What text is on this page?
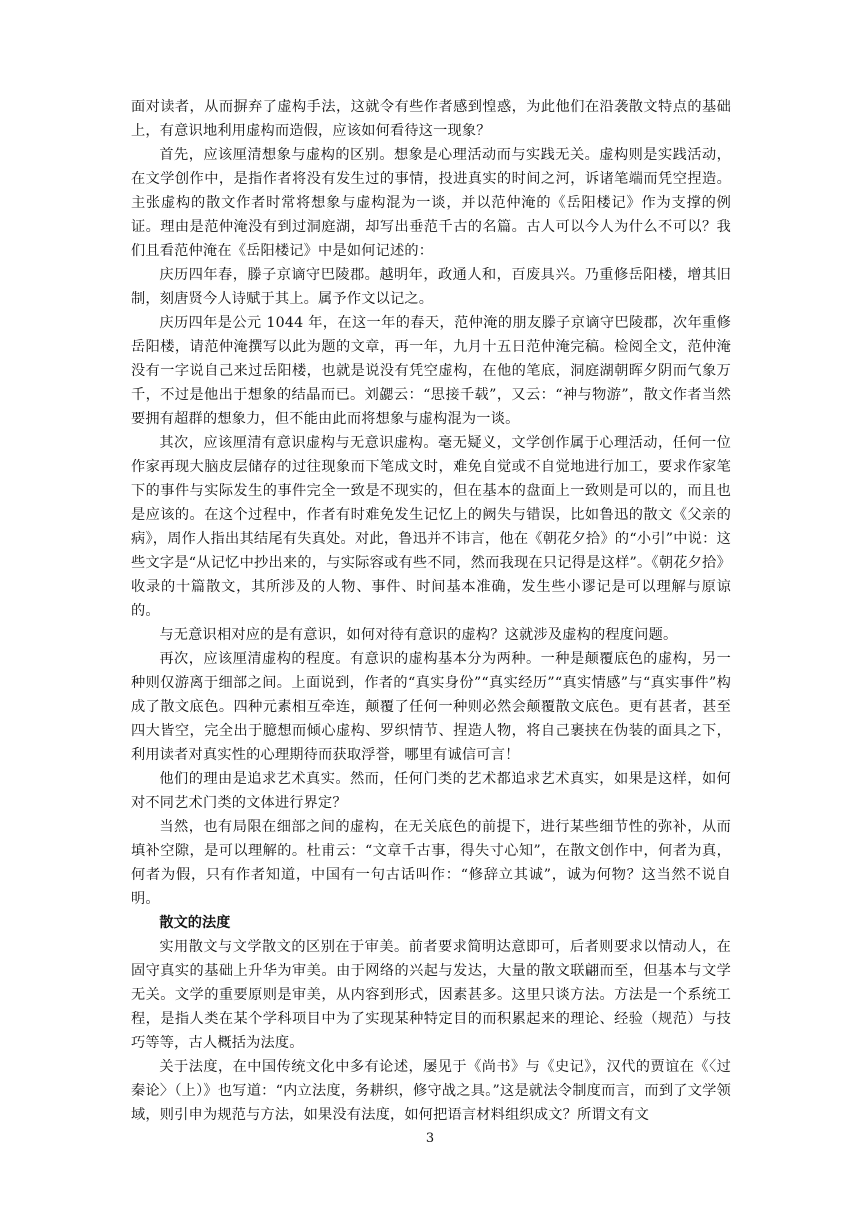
面对读者，从而摒弃了虚构手法，这就令有些作者感到惶惑，为此他们在沿袭散文特点的基础上，有意识地利用虚构而造假，应该如何看待这一现象？

首先，应该厘清想象与虚构的区别。想象是心理活动而与实践无关。虚构则是实践活动，在文学创作中，是指作者将没有发生过的事情，投进真实的时间之河，诉诸笔端而凭空捏造。主张虚构的散文作者时常将想象与虚构混为一谈，并以范仲淹的《岳阳楼记》作为支撑的例证。理由是范仲淹没有到过洞庭湖，却写出垂范千古的名篇。古人可以今人为什么不可以？我们且看范仲淹在《岳阳楼记》中是如何记述的：

庆历四年春，滕子京谪守巴陵郡。越明年，政通人和，百废具兴。乃重修岳阳楼，增其旧制，刻唐贤今人诗赋于其上。属予作文以记之。

庆历四年是公元 1044 年，在这一年的春天，范仲淹的朋友滕子京谪守巴陵郡，次年重修岳阳楼，请范仲淹撰写以此为题的文章，再一年，九月十五日范仲淹完稿。检阅全文，范仲淹没有一字说自己来过岳阳楼，也就是说没有凭空虚构，在他的笔底，洞庭湖朝晖夕阴而气象万千，不过是他出于想象的结晶而已。刘勰云：“思接千载”，又云：“神与物游”，散文作者当然要拥有超群的想象力，但不能由此而将想象与虚构混为一谈。

其次，应该厘清有意识虚构与无意识虚构。毫无疑义，文学创作属于心理活动，任何一位作家再现大脑皮层储存的过往现象而下笔成文时，难免自觉或不自觉地进行加工，要求作家笔下的事件与实际发生的事件完全一致是不现实的，但在基本的盘面上一致则是可以的，而且也是应该的。在这个过程中，作者有时难免发生记忆上的阙失与错误，比如鲁迅的散文《父亲的病》，周作人指出其结尾有失真处。对此，鲁迅并不讳言，他在《朝花夕拾》的“小引”中说：这些文字是“从记忆中抄出来的，与实际容或有些不同，然而我现在只记得是这样”。《朝花夕拾》收录的十篇散文，其所涉及的人物、事件、时间基本准确，发生些小谬记是可以理解与原谅的。

与无意识相对应的是有意识，如何对待有意识的虚构？这就涉及虚构的程度问题。

再次，应该厘清虚构的程度。有意识的虚构基本分为两种。一种是颠覆底色的虚构，另一种则仅游离于细部之间。上面说到，作者的“真实身份”“真实经历”“真实情感”与“真实事件”构成了散文底色。四种元素相互牵连，颠覆了任何一种则必然会颠覆散文底色。更有甚者，甚至四大皆空，完全出于臆想而倾心虚构、罗织情节、捏造人物，将自己裹挟在伪装的面具之下，利用读者对真实性的心理期待而获取浮誉，哪里有诚信可言！

他们的理由是追求艺术真实。然而，任何门类的艺术都追求艺术真实，如果是这样，如何对不同艺术门类的文体进行界定？

当然，也有局限在细部之间的虚构，在无关底色的前提下，进行某些细节性的弥补，从而填补空隙，是可以理解的。杜甫云：“文章千古事，得失寸心知”，在散文创作中，何者为真，何者为假，只有作者知道，中国有一句古话叫作：“修辞立其诚”，诚为何物？这当然不说自明。

散文的法度

实用散文与文学散文的区别在于审美。前者要求简明达意即可，后者则要求以情动人，在固守真实的基础上升华为审美。由于网络的兴起与发达，大量的散文联翩而至，但基本与文学无关。文学的重要原则是审美，从内容到形式，因素甚多。这里只谈方法。方法是一个系统工程，是指人类在某个学科项目中为了实现某种特定目的而积累起来的理论、经验（规范）与技巧等等，古人概括为法度。

关于法度，在中国传统文化中多有论述，屡见于《尚书》与《史记》，汉代的贾谊在《〈过秦论〉（上）》也写道：“内立法度，务耕织，修守战之具。”这是就法令制度而言，而到了文学领域，则引申为规范与方法，如果没有法度，如何把语言材料组织成文？所谓文有文

3
